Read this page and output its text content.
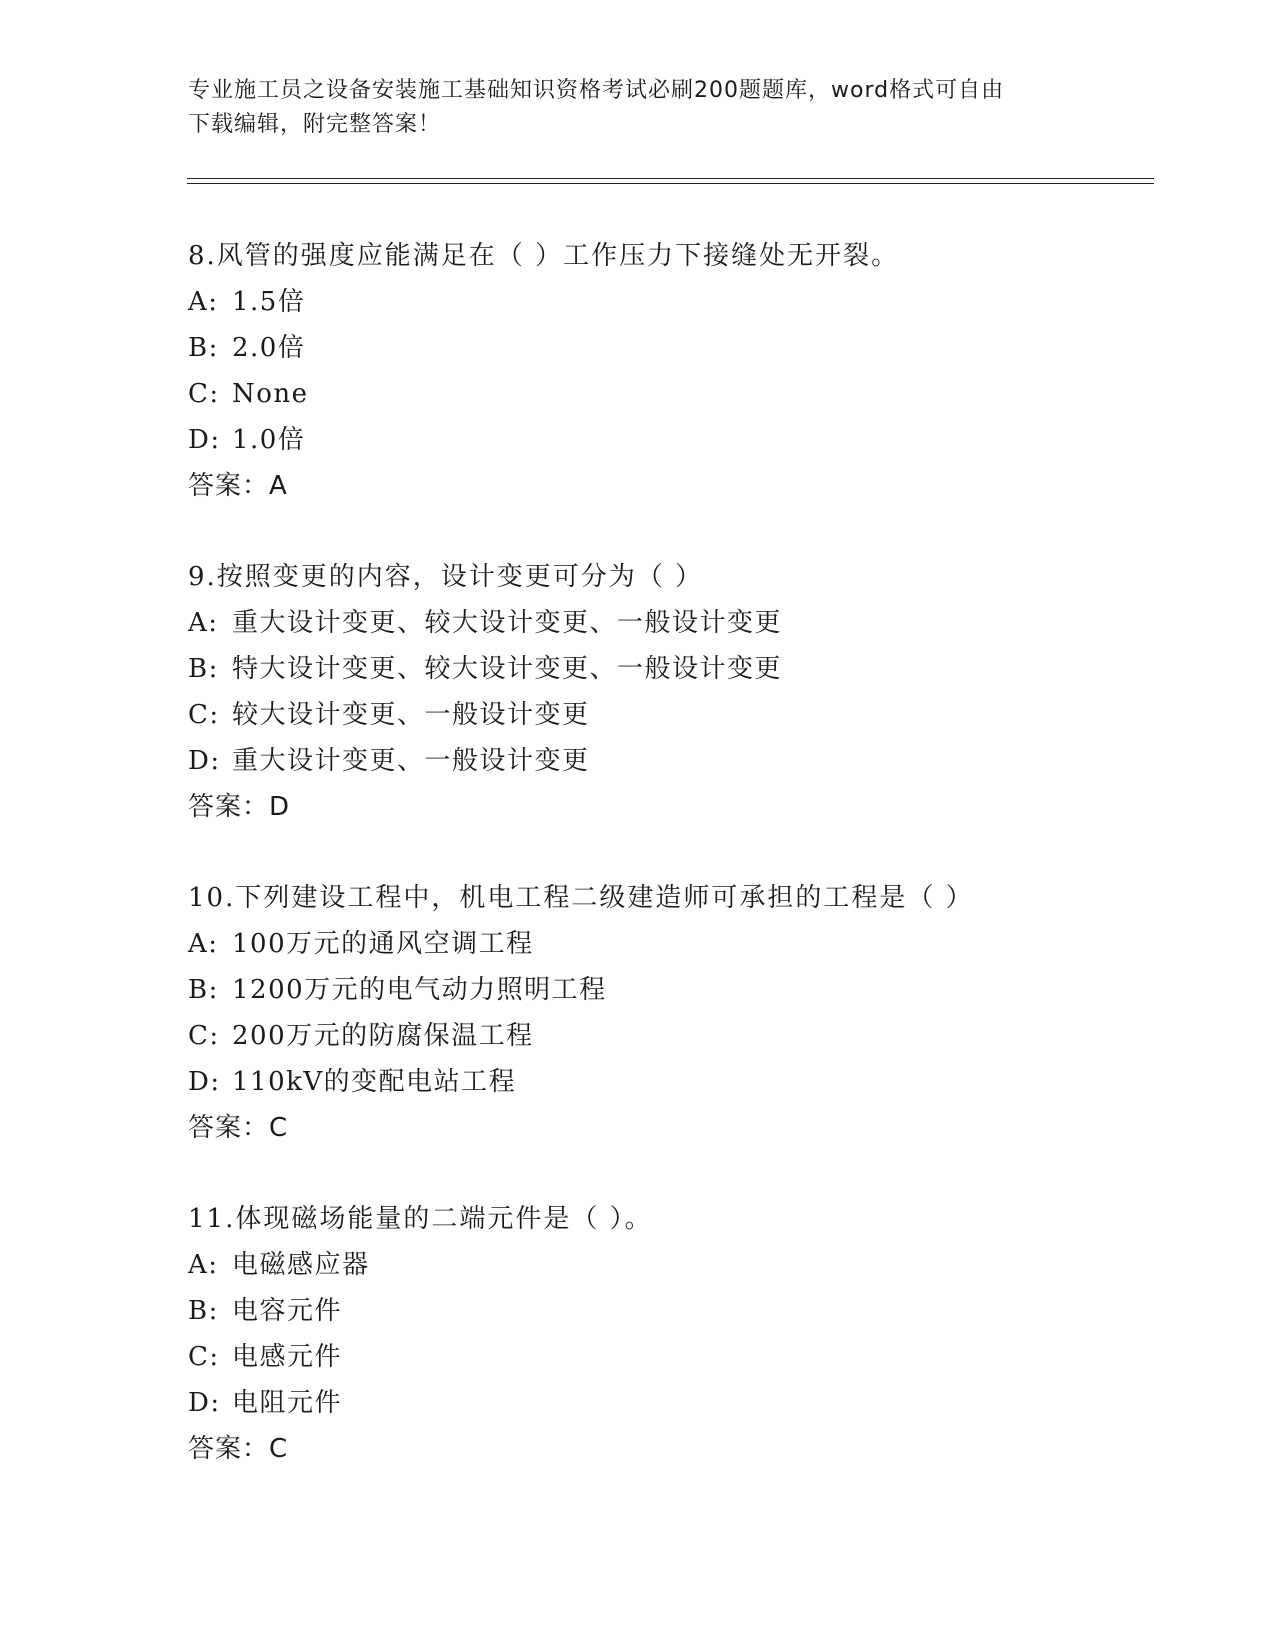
专业施工员之设备安装施工基础知识资格考试必刷200题题库，word格式可自由
下载编辑，附完整答案！
8.风管的强度应能满足在（ ）工作压力下接缝处无开裂。
A: 1.5倍
B: 2.0倍
C: None
D: 1.0倍
答案：A
9.按照变更的内容，设计变更可分为（ ）
A: 重大设计变更、较大设计变更、一般设计变更
B: 特大设计变更、较大设计变更、一般设计变更
C: 较大设计变更、一般设计变更
D: 重大设计变更、一般设计变更
答案：D
10.下列建设工程中，机电工程二级建造师可承担的工程是（ ）
A: 100万元的通风空调工程
B: 1200万元的电气动力照明工程
C: 200万元的防腐保温工程
D: 110kV的变配电站工程
答案：C
11.体现磁场能量的二端元件是（ ）。
A: 电磁感应器
B: 电容元件
C: 电感元件
D: 电阻元件
答案：C
